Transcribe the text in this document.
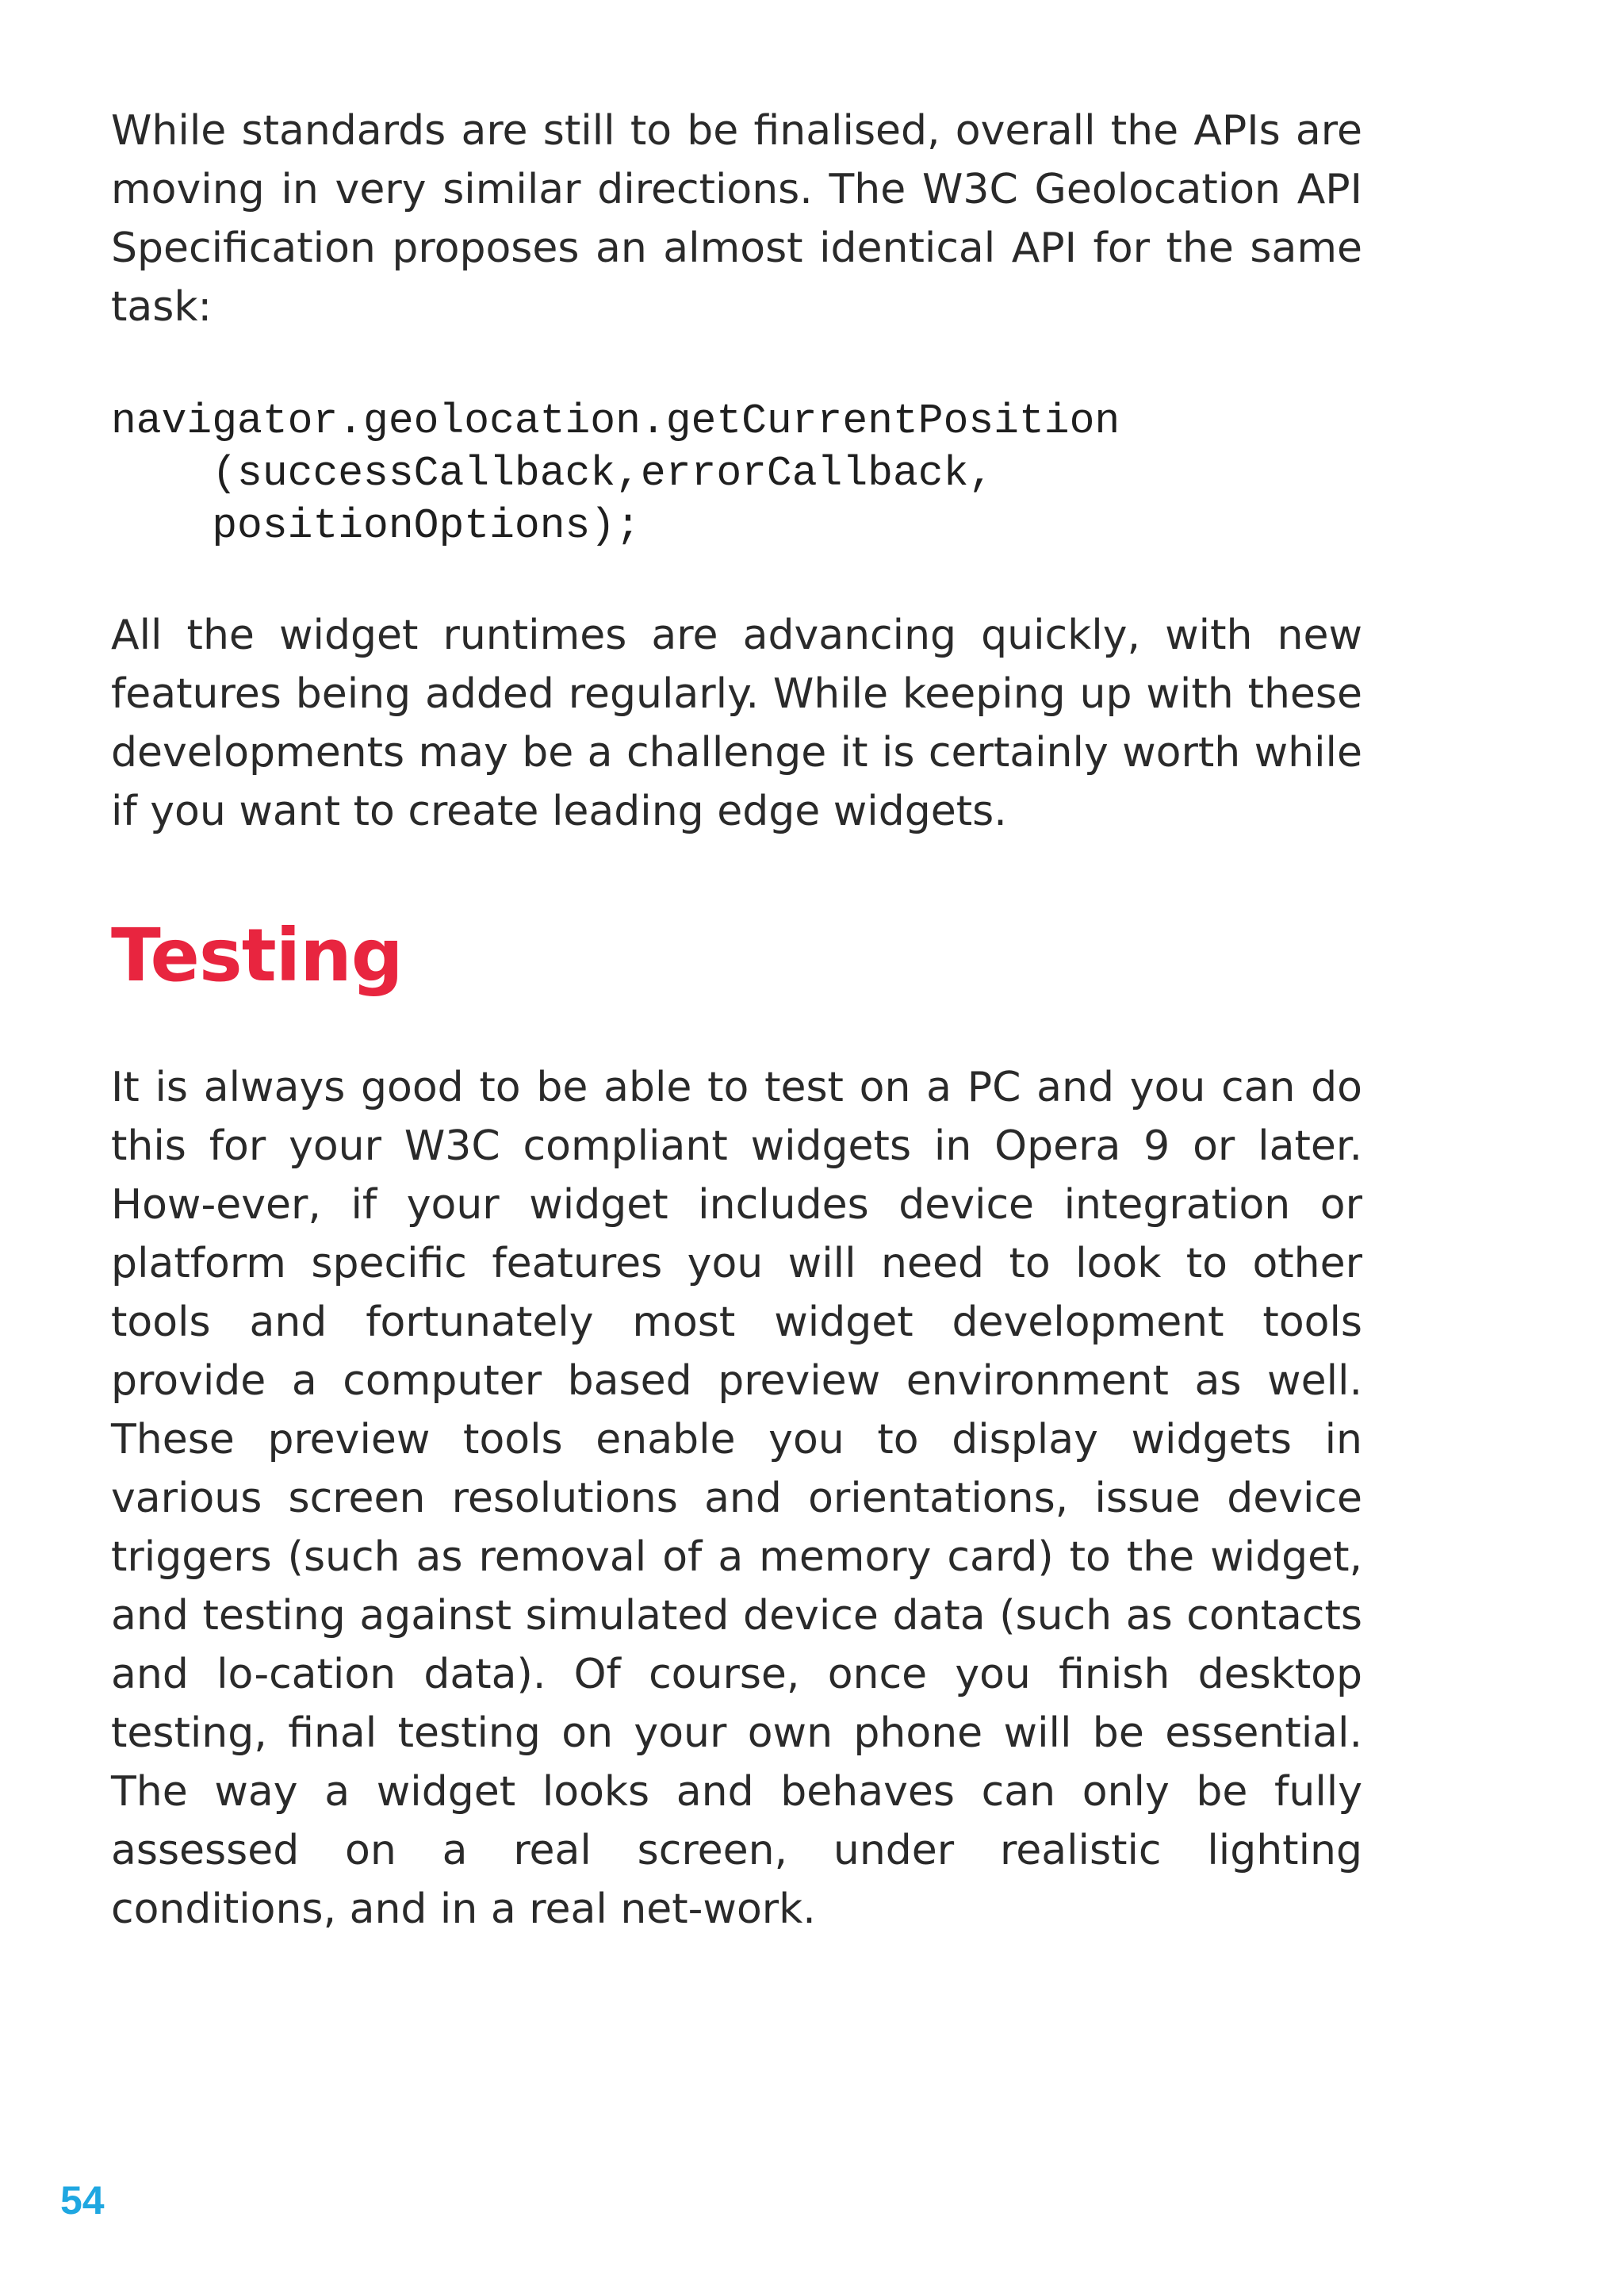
While standards are still to be finalised, overall the APIs are moving in very similar directions. The W3C Geolocation API Specification proposes an almost identical API for the same task:

navigator.geolocation.getCurrentPosition

(successCallback,errorCallback,

positionOptions);

All the widget runtimes are advancing quickly, with new features being added regularly. While keeping up with these developments may be a challenge it is certainly worth while if you want to create leading edge widgets.

Testing

It is always good to be able to test on a PC and you can do this for your W3C compliant widgets in Opera 9 or later. How-ever, if your widget includes device integration or platform specific features you will need to look to other tools and fortunately most widget development tools provide a computer based preview environment as well. These preview tools enable you to display widgets in various screen resolutions and orientations, issue device triggers (such as removal of a memory card) to the widget, and testing against simulated device data (such as contacts and lo-cation data). Of course, once you finish desktop testing, final testing on your own phone will be essential. The way a widget looks and behaves can only be fully assessed on a real screen, under realistic lighting conditions, and in a real net-work.

54
